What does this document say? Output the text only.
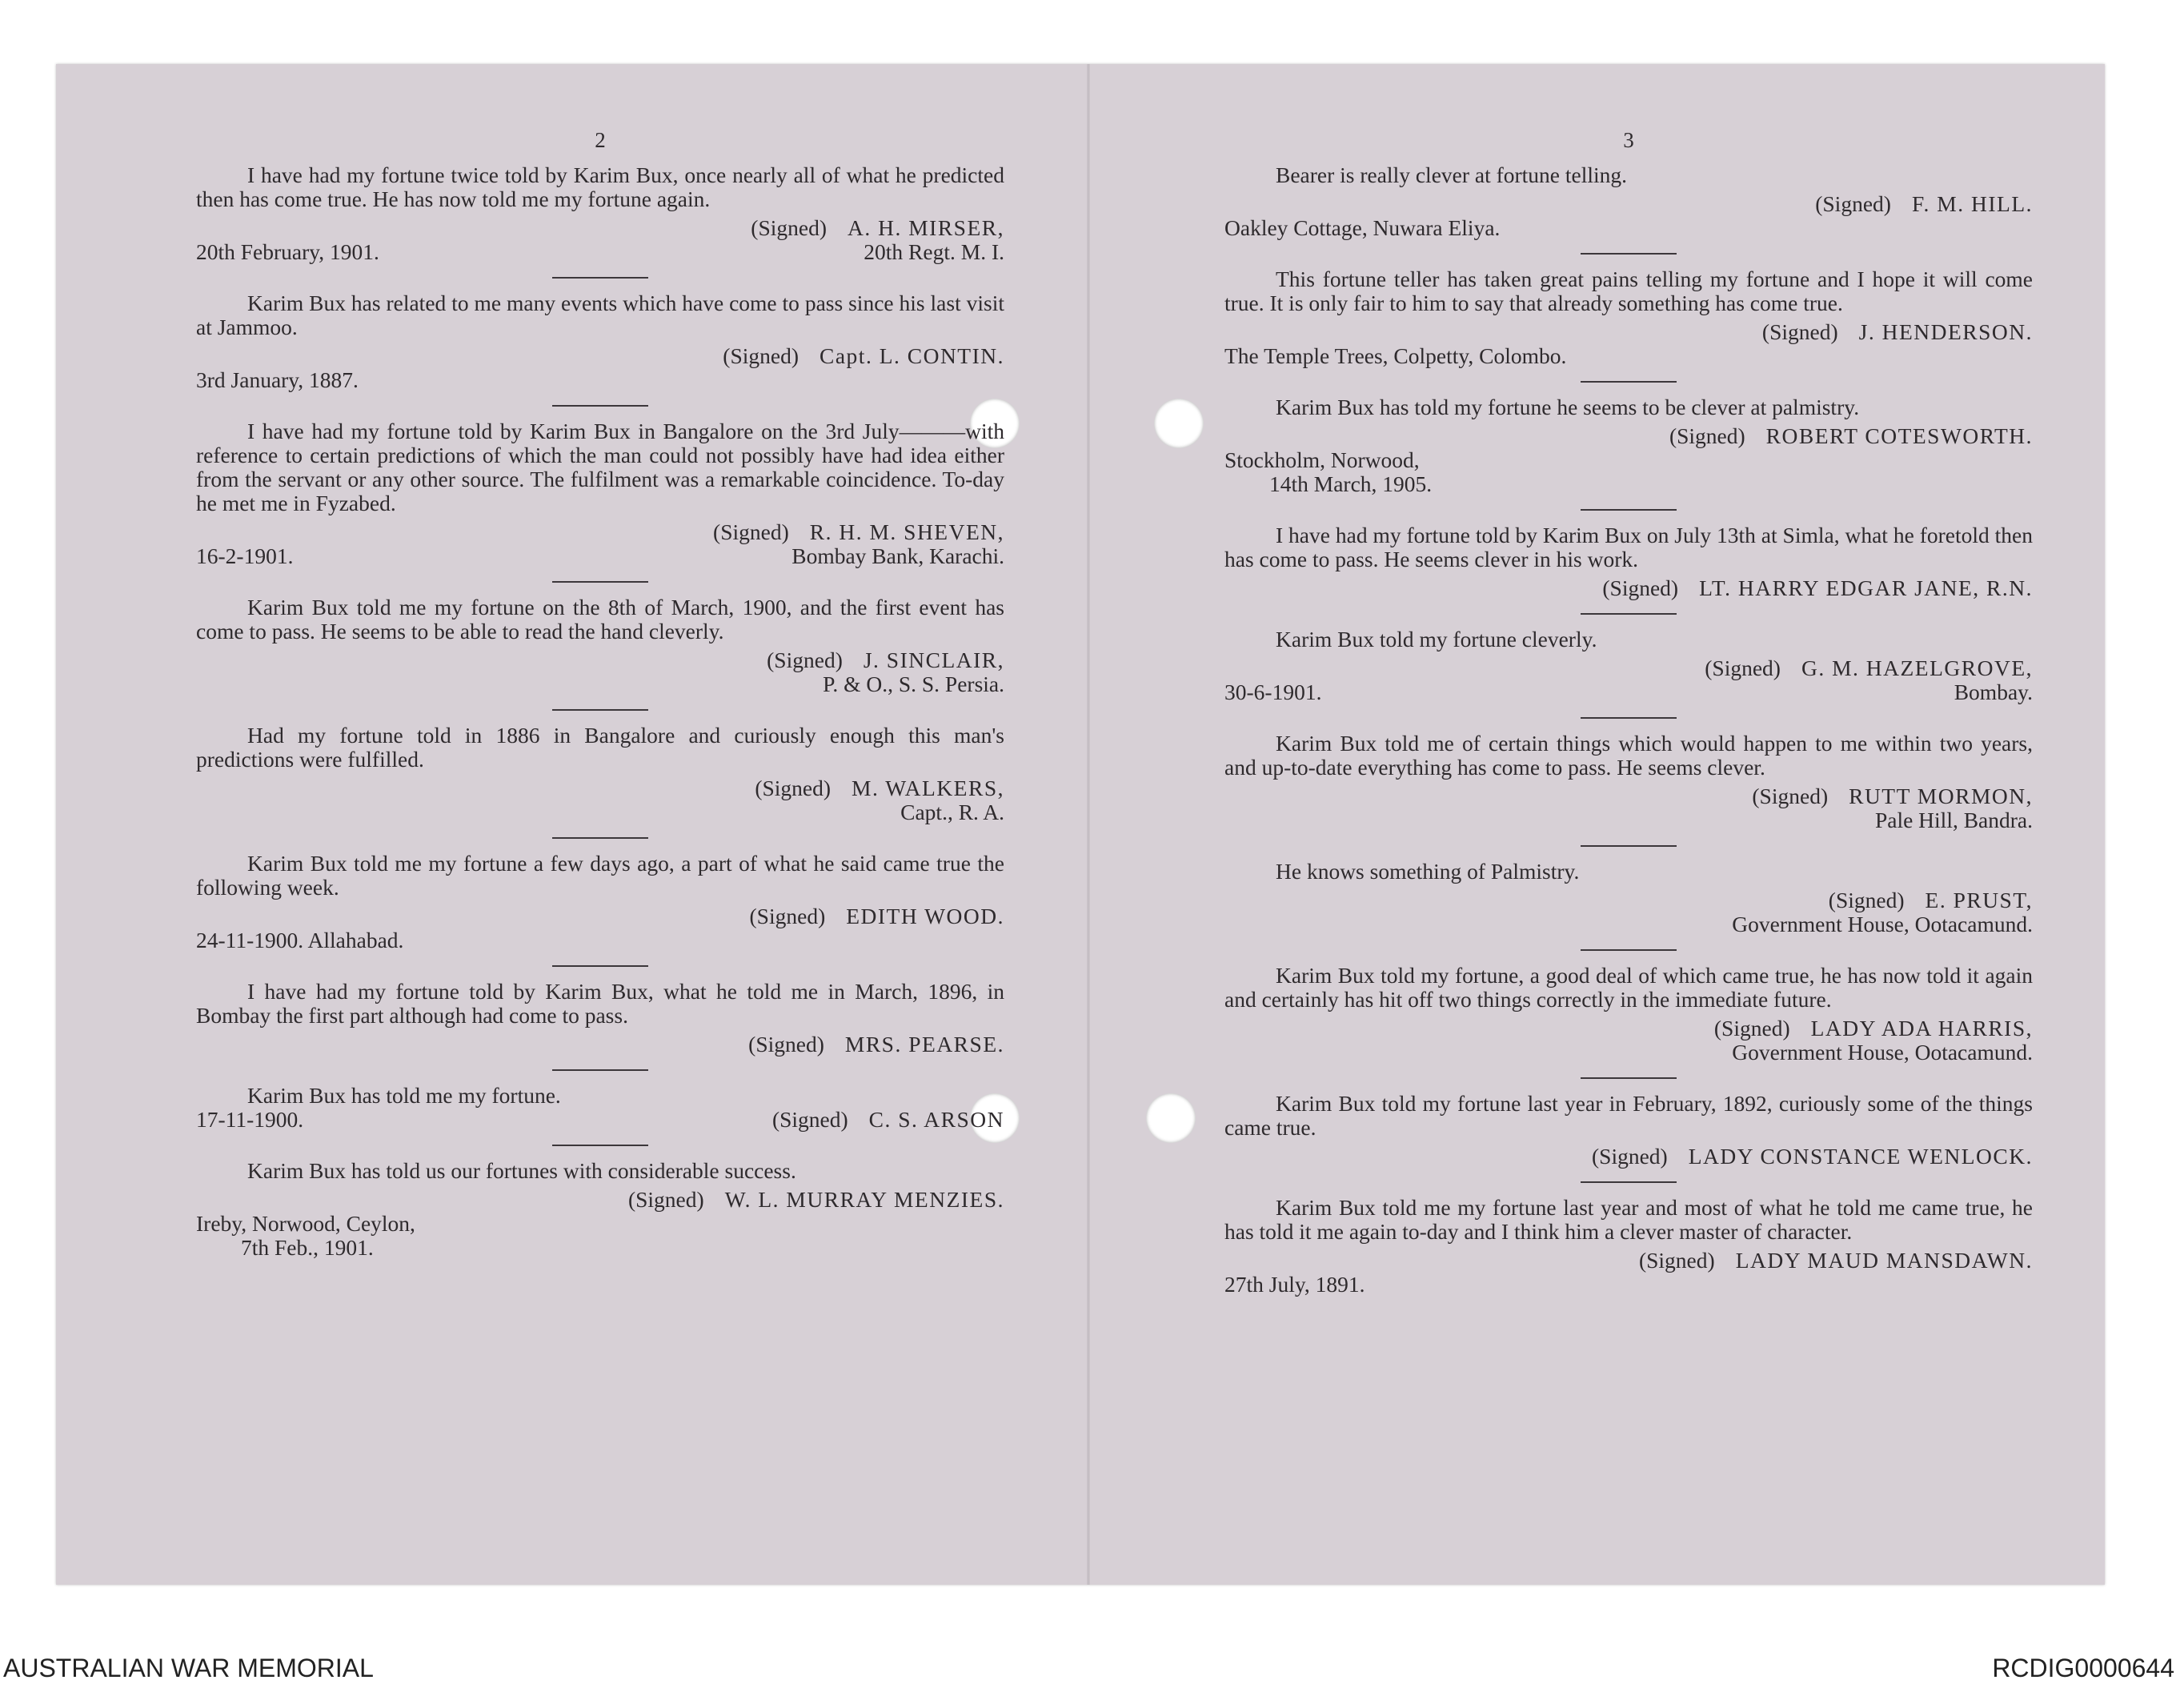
2

I have had my fortune twice told by Karim Bux, once nearly all of what he predicted then has come true. He has now told me my fortune again.

(Signed) A. H. MIRSER,
20th February, 1901.	20th Regt. M. I.

Karim Bux has related to me many events which have come to pass since his last visit at Jammoo.

(Signed) Capt. L. CONTIN.
3rd January, 1887.

I have had my fortune told by Karim Bux in Bangalore on the 3rd July———with reference to certain predictions of which the man could not possibly have had idea either from the servant or any other source. The fulfilment was a remarkable coincidence. To-day he met me in Fyzabed.

(Signed) R. H. M. SHEVEN,
16-2-1901.	Bombay Bank, Karachi.

Karim Bux told me my fortune on the 8th of March, 1900, and the first event has come to pass. He seems to be able to read the hand cleverly.

(Signed) J. SINCLAIR,
P. & O., S. S. Persia.

Had my fortune told in 1886 in Bangalore and curiously enough this man's predictions were fulfilled.

(Signed) M. WALKERS,
Capt., R. A.

Karim Bux told me my fortune a few days ago, a part of what he said came true the following week.

(Signed) EDITH WOOD.
24-11-1900. Allahabad.

I have had my fortune told by Karim Bux, what he told me in March, 1896, in Bombay the first part although had come to pass.

(Signed) MRS. PEARSE.

Karim Bux has told me my fortune.

17-11-1900.	(Signed) C. S. ARSON

Karim Bux has told us our fortunes with considerable success.

(Signed) W. L. MURRAY MENZIES.
Ireby, Norwood, Ceylon,
7th Feb., 1901.
3

Bearer is really clever at fortune telling.

(Signed) F. M. HILL.
Oakley Cottage, Nuwara Eliya.

This fortune teller has taken great pains telling my fortune and I hope it will come true. It is only fair to him to say that already something has come true.

(Signed) J. HENDERSON.
The Temple Trees, Colpetty, Colombo.

Karim Bux has told my fortune he seems to be clever at palmistry.

(Signed) ROBERT COTESWORTH.
Stockholm, Norwood,
14th March, 1905.

I have had my fortune told by Karim Bux on July 13th at Simla, what he foretold then has come to pass. He seems clever in his work.

(Signed) LT. HARRY EDGAR JANE, R.N.

Karim Bux told my fortune cleverly.

(Signed) G. M. HAZELGROVE,
30-6-1901.	Bombay.

Karim Bux told me of certain things which would happen to me within two years, and up-to-date everything has come to pass. He seems clever.

(Signed) RUTT MORMON,
Pale Hill, Bandra.

He knows something of Palmistry.

(Signed) E. PRUST,
Government House, Ootacamund.

Karim Bux told my fortune, a good deal of which came true, he has now told it again and certainly has hit off two things correctly in the immediate future.

(Signed) LADY ADA HARRIS,
Government House, Ootacamund.

Karim Bux told my fortune last year in February, 1892, curiously some of the things came true.

(Signed) LADY CONSTANCE WENLOCK.

Karim Bux told me my fortune last year and most of what he told me came true, he has told it me again to-day and I think him a clever master of character.

(Signed) LADY MAUD MANSDAWN.
27th July, 1891.
AUSTRALIAN WAR MEMORIAL	RCDIG0000644
